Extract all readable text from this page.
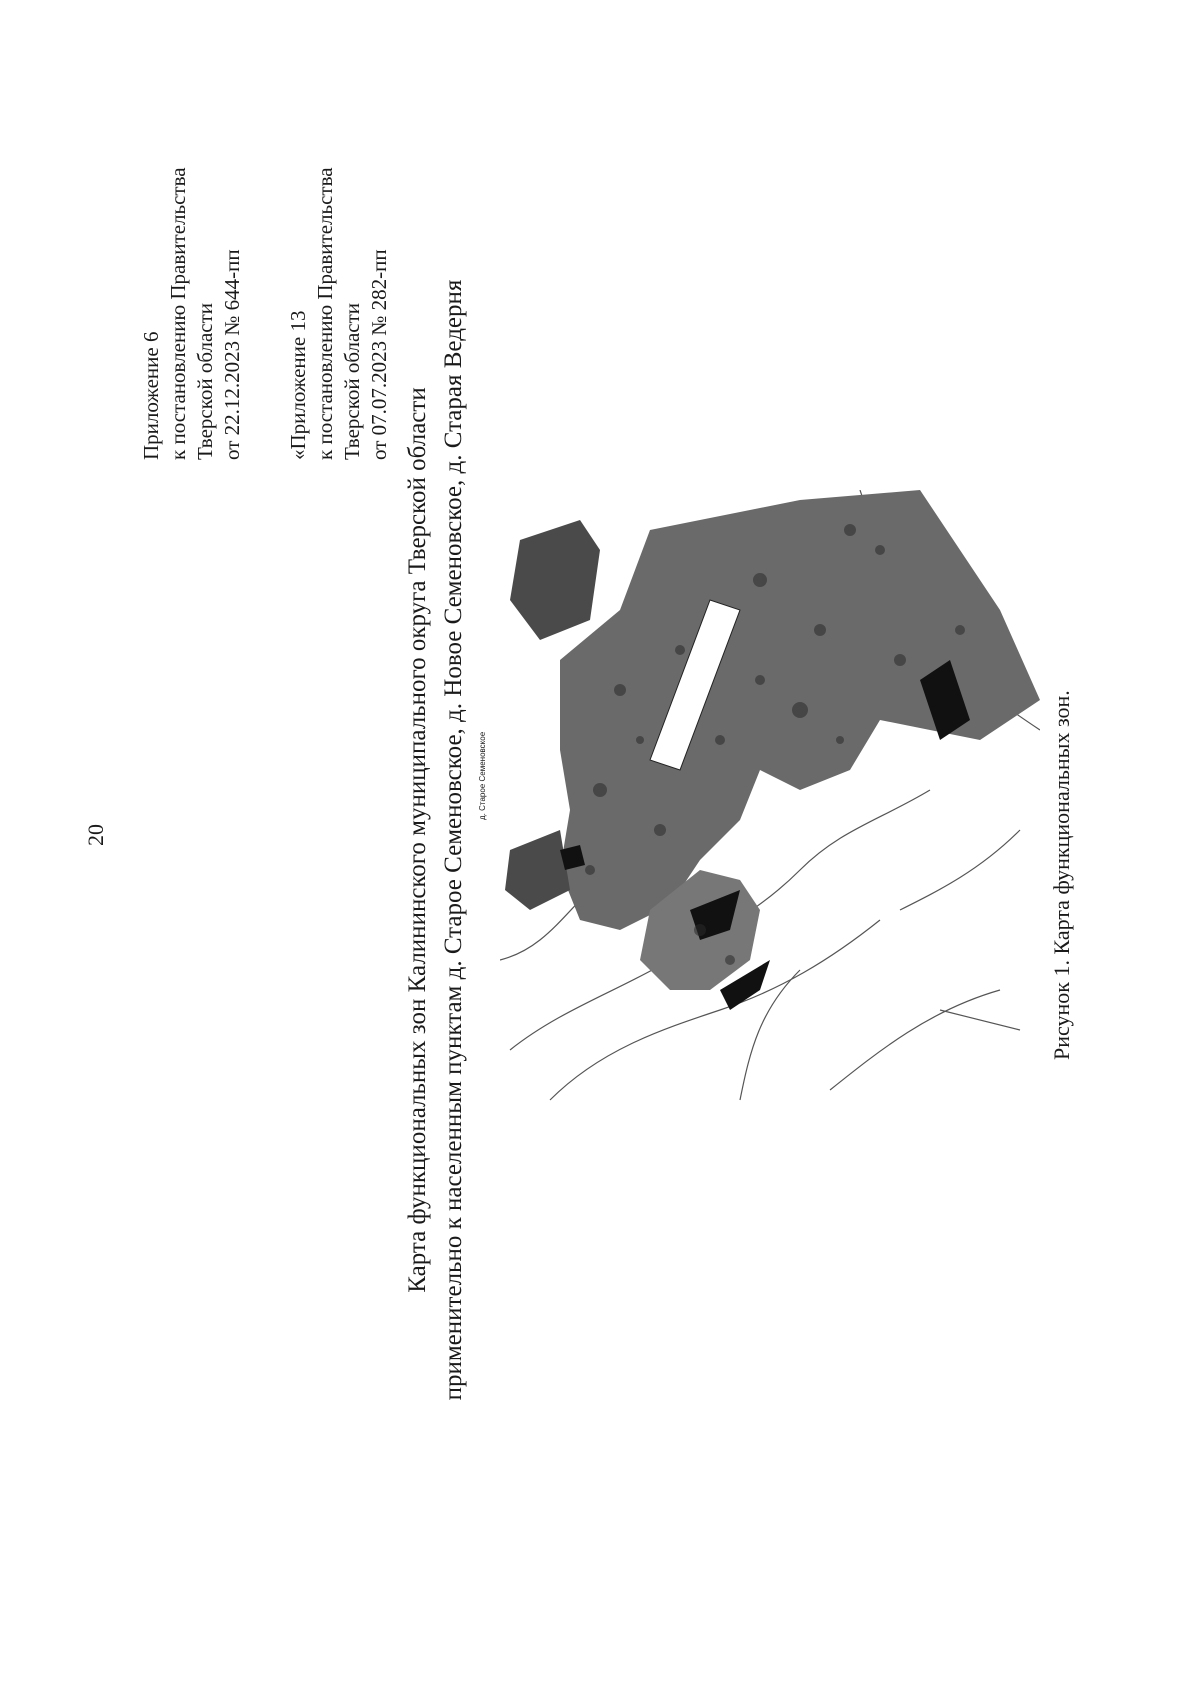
20
Приложение 6 к постановлению Правительства Тверской области от 22.12.2023 № 644-пп «Приложение 13 к постановлению Правительства Тверской области от 07.07.2023 № 282-пп
Карта функциональных зон Калининского муниципального округа Тверской области применительно к населенным пунктам д. Старое Семеновское, д. Новое Семеновское, д. Старая Ведерня	д. Старое Семеновское	Рисунок 1. Карта функциональных зон.
